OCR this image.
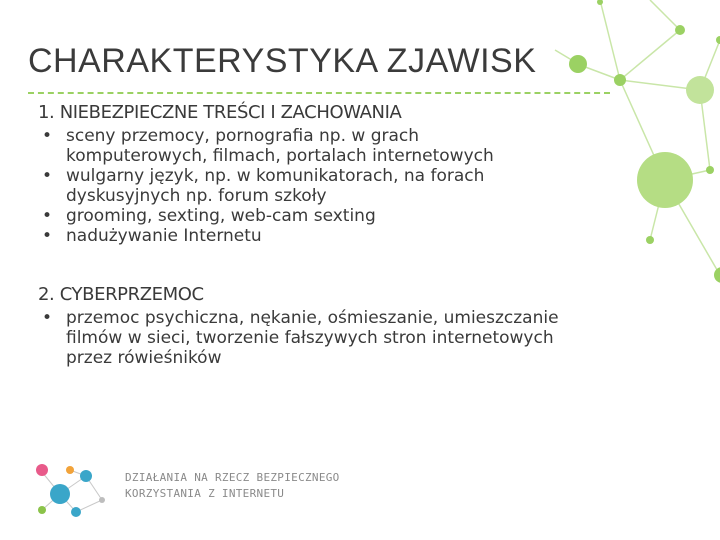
CHARAKTERYSTYKA ZJAWISK
1. NIEBEZPIECZNE TREŚCI I ZACHOWANIA
• sceny przemocy, pornografia np. w grach
komputerowych, filmach, portalach internetowych
• wulgarny język, np. w komunikatorach, na forach
dyskusyjnych np. forum szkoły
• grooming, sexting, web-cam sexting
• nadużywanie Internetu
2. CYBERPRZEMOC
• przemoc psychiczna, nękanie, ośmieszanie, umieszczanie
filmów w sieci, tworzenie fałszywych stron internetowych
przez rówieśników
DZIAŁANIA NA RZECZ BEZPIECZNEGO
KORZYSTANIA Z INTERNETU
